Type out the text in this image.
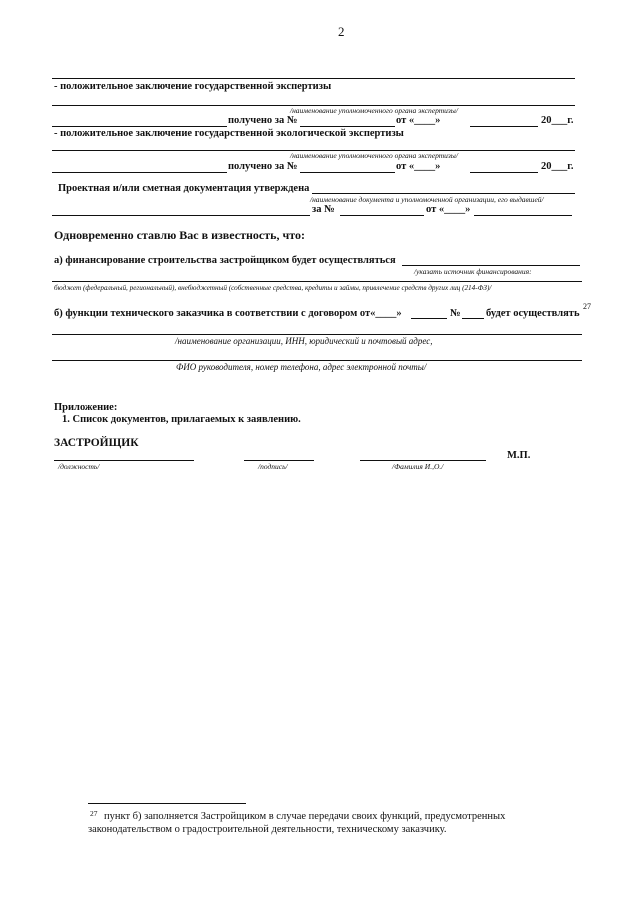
2
- положительное заключение государственной экспертизы
/наименование уполномоченного органа экспертизы/
получено за №	от «____»	20___г.
- положительное заключение государственной экологической экспертизы
/наименование уполномоченного органа экспертизы/
получено за №	от «____»	20___г.
Проектная и/или сметная документация утверждена
/наименование документа и уполномоченной организации, его выдавшей/
за №	от «____»
Одновременно ставлю Вас в известность, что:
а) финансирование строительства застройщиком будет осуществляться
/указать источник финансирования:
бюджет (федеральный, региональный), внебюджетный (собственные средства, кредиты и займы, привлечение средств других лиц (214-ФЗ)/
б) функции технического заказчика в соответствии с договором от«____»	№ будет осуществлять
27
/наименование организации, ИНН, юридический и почтовый адрес,
ФИО руководителя, номер телефона, адрес электронной почты/
Приложение:
1. Список документов, прилагаемых к заявлению.
ЗАСТРОЙЩИК
М.П.
/должность/	/подпись/	/Фамилия И.,О./
27 пункт б) заполняется Застройщиком в случае передачи своих функций, предусмотренных
законодательством о градостроительной деятельности, техническому заказчику.
